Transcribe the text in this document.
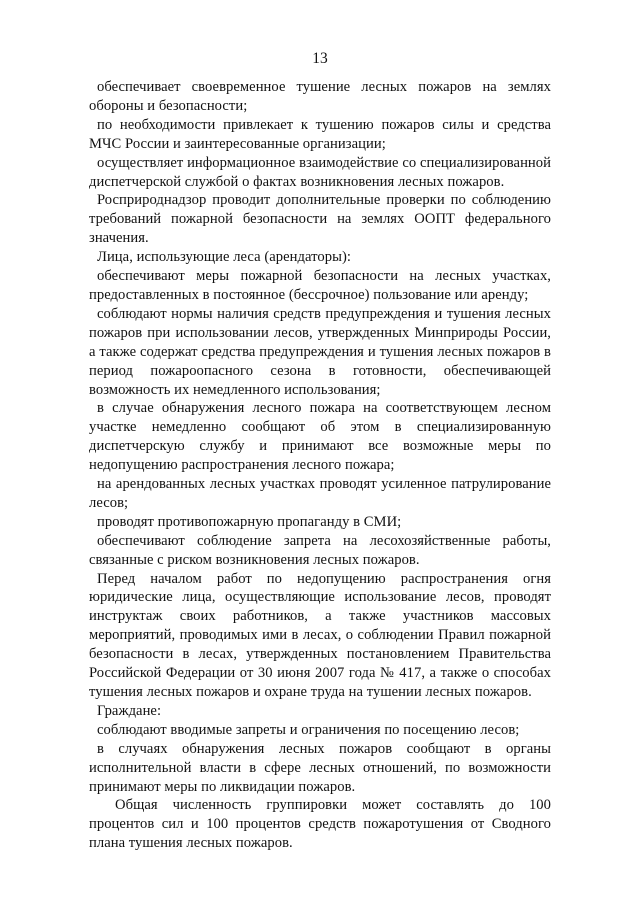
13

обеспечивает своевременное тушение лесных пожаров на землях обороны и безопасности;

по необходимости привлекает к тушению пожаров силы и средства МЧС России и заинтересованные организации;

осуществляет информационное взаимодействие со специализированной диспетчерской службой о фактах возникновения лесных пожаров.

Росприроднадзор проводит дополнительные проверки по соблюдению требований пожарной безопасности на землях ООПТ федерального значения.

Лица, использующие леса (арендаторы):

обеспечивают меры пожарной безопасности на лесных участках, предоставленных в постоянное (бессрочное) пользование или аренду;

соблюдают нормы наличия средств предупреждения и тушения лесных пожаров при использовании лесов, утвержденных Минприроды России, а также содержат средства предупреждения и тушения лесных пожаров в период пожароопасного сезона в готовности, обеспечивающей возможность их немедленного использования;

в случае обнаружения лесного пожара на соответствующем лесном участке немедленно сообщают об этом в специализированную диспетчерскую службу и принимают все возможные меры по недопущению распространения лесного пожара;

на арендованных лесных участках проводят усиленное патрулирование лесов;

проводят противопожарную пропаганду в СМИ;

обеспечивают соблюдение запрета на лесохозяйственные работы, связанные с риском возникновения лесных пожаров.

Перед началом работ по недопущению распространения огня юридические лица, осуществляющие использование лесов, проводят инструктаж своих работников, а также участников массовых мероприятий, проводимых ими в лесах, о соблюдении Правил пожарной безопасности в лесах, утвержденных постановлением Правительства Российской Федерации от 30 июня 2007 года № 417, а также о способах тушения лесных пожаров и охране труда на тушении лесных пожаров.

Граждане:

соблюдают вводимые запреты и ограничения по посещению лесов;

в случаях обнаружения лесных пожаров сообщают в органы исполнительной власти в сфере лесных отношений, по возможности принимают меры по ликвидации пожаров.

Общая численность группировки может составлять до 100 процентов сил и 100 процентов средств пожаротушения от Сводного плана тушения лесных пожаров.
